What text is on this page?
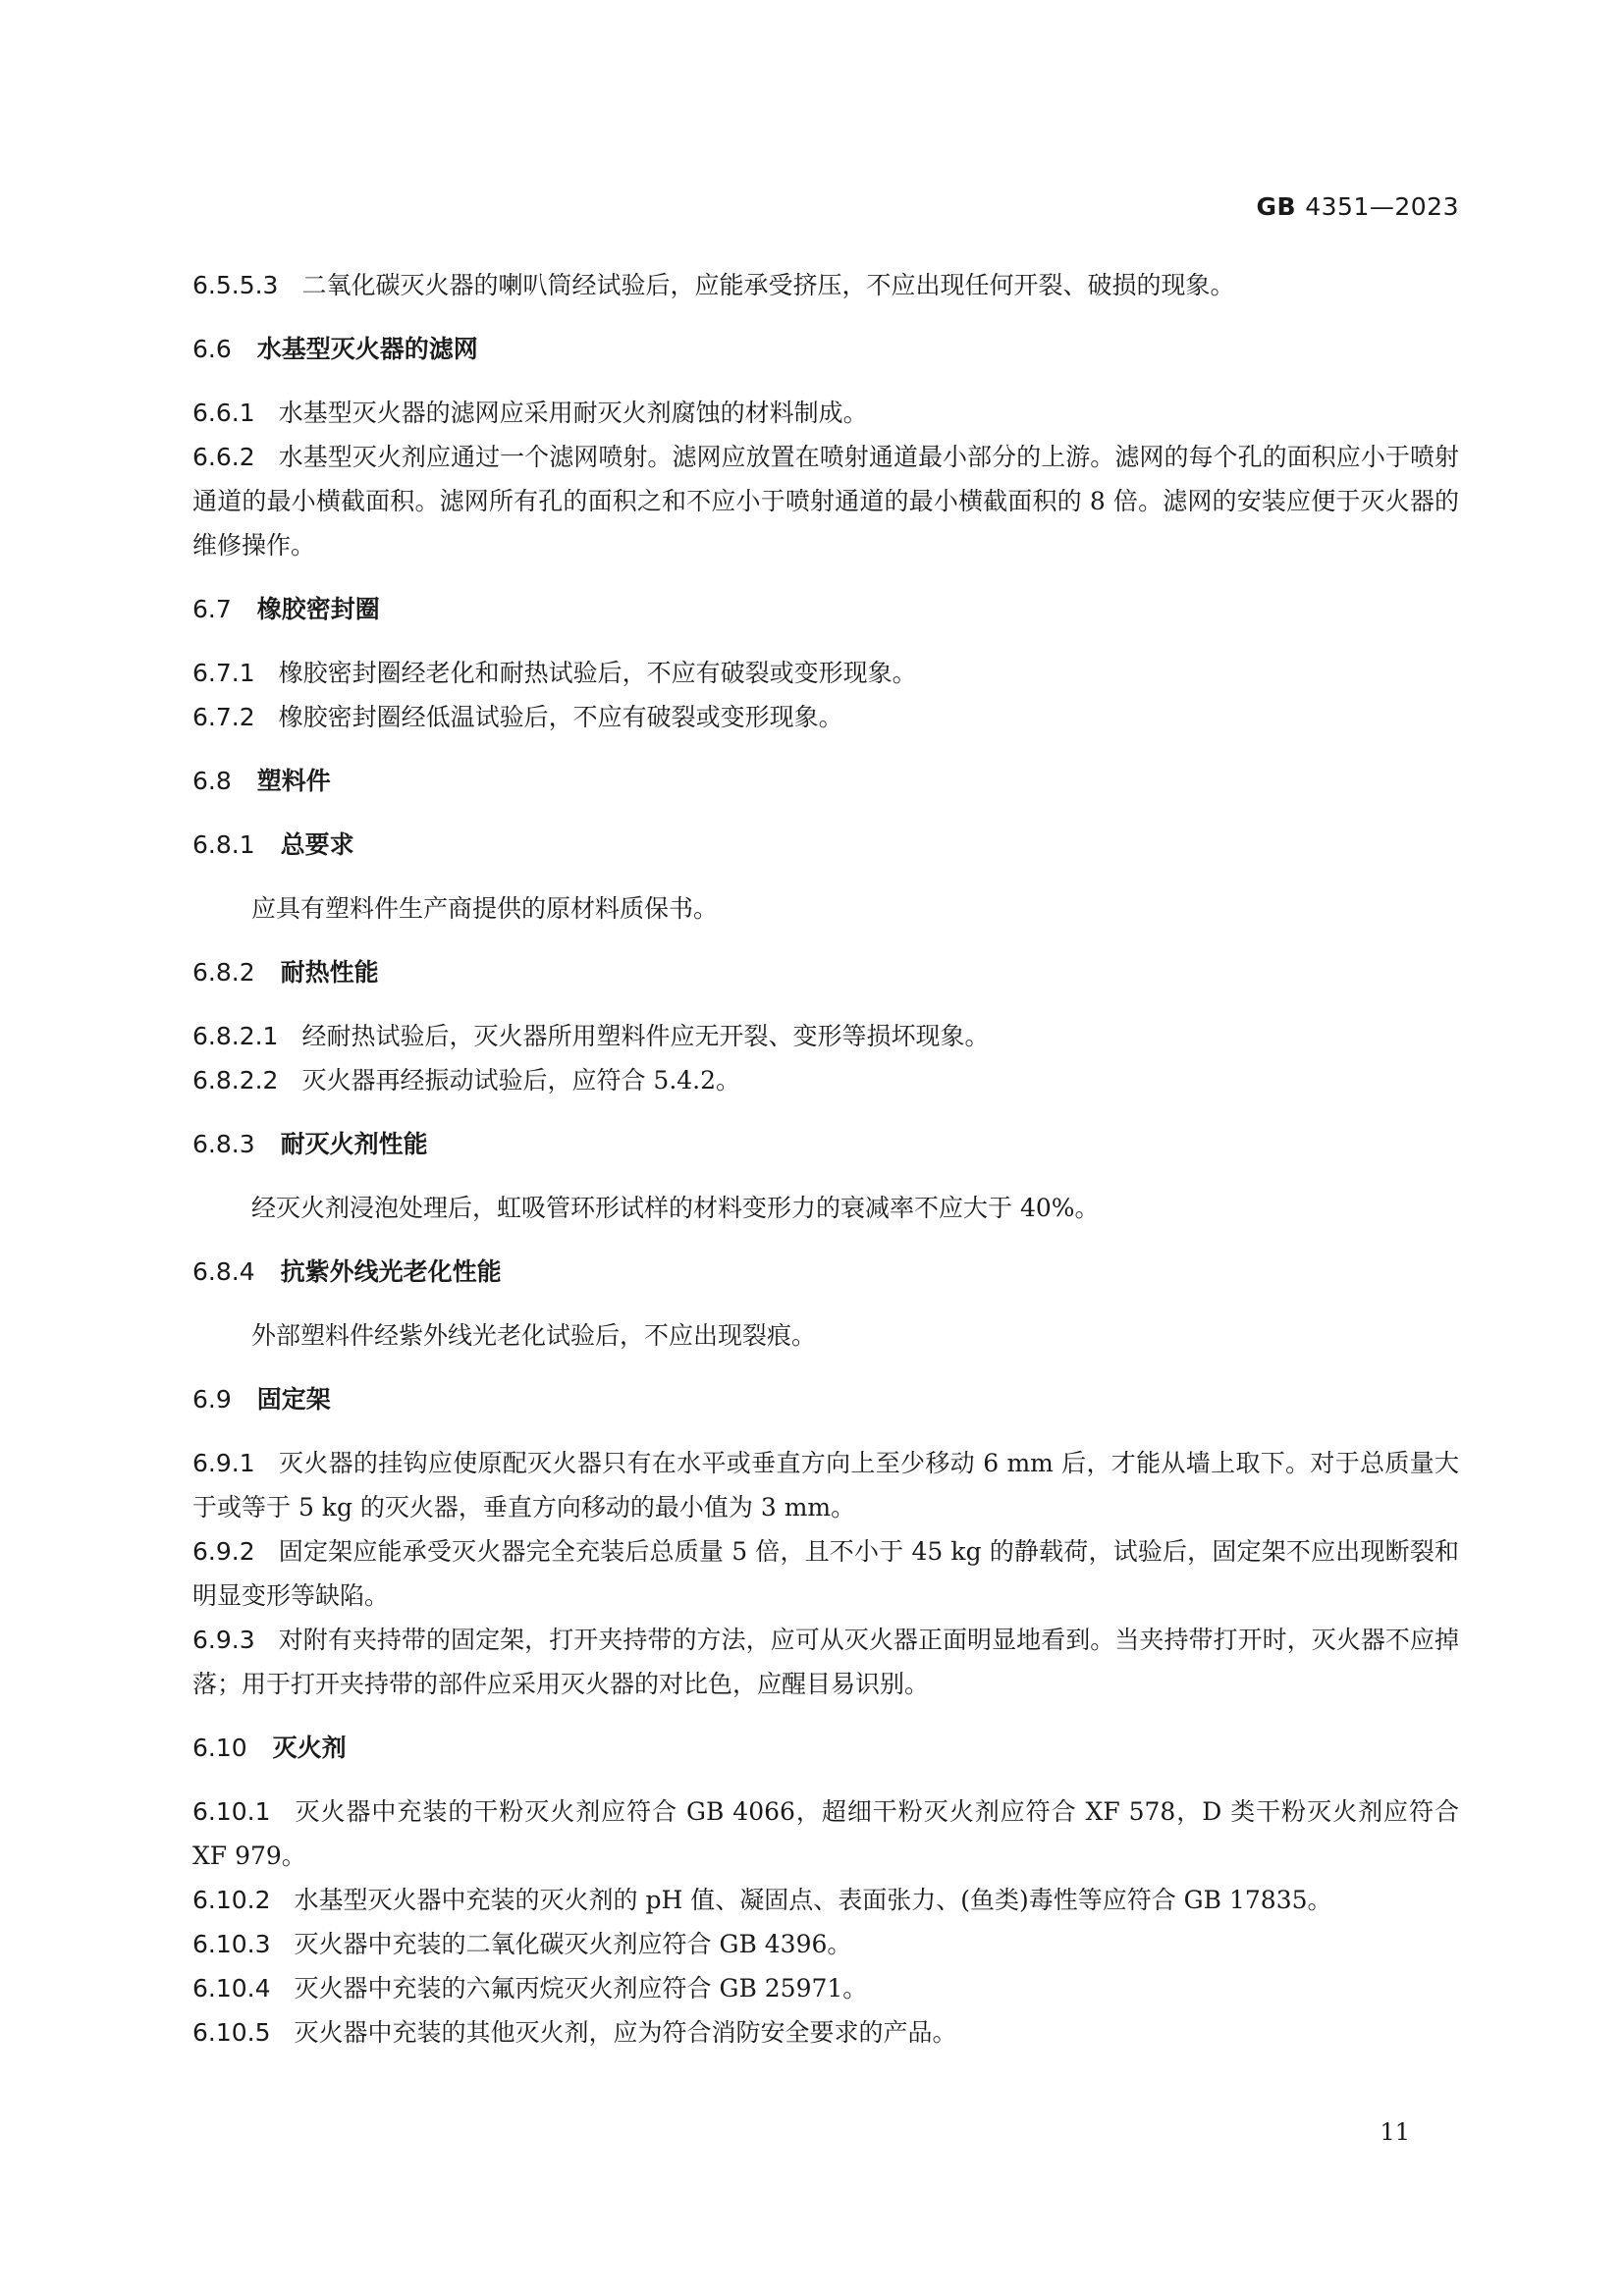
GB 4351—2023

6.5.5.3 二氧化碳灭火器的喇叭筒经试验后，应能承受挤压，不应出现任何开裂、破损的现象。

6.6 水基型灭火器的滤网

6.6.1 水基型灭火器的滤网应采用耐灭火剂腐蚀的材料制成。

6.6.2 水基型灭火剂应通过一个滤网喷射。滤网应放置在喷射通道最小部分的上游。滤网的每个孔的面积应小于喷射通道的最小横截面积。滤网所有孔的面积之和不应小于喷射通道的最小横截面积的 8 倍。滤网的安装应便于灭火器的维修操作。

6.7 橡胶密封圈

6.7.1 橡胶密封圈经老化和耐热试验后，不应有破裂或变形现象。

6.7.2 橡胶密封圈经低温试验后，不应有破裂或变形现象。

6.8 塑料件
6.8.1 总要求

应具有塑料件生产商提供的原材料质保书。

6.8.2 耐热性能

6.8.2.1 经耐热试验后，灭火器所用塑料件应无开裂、变形等损坏现象。

6.8.2.2 灭火器再经振动试验后，应符合 5.4.2。

6.8.3 耐灭火剂性能

经灭火剂浸泡处理后，虹吸管环形试样的材料变形力的衰减率不应大于 40%。

6.8.4 抗紫外线光老化性能

外部塑料件经紫外线光老化试验后，不应出现裂痕。

6.9 固定架

6.9.1 灭火器的挂钩应使原配灭火器只有在水平或垂直方向上至少移动 6 mm 后，才能从墙上取下。对于总质量大于或等于 5 kg 的灭火器，垂直方向移动的最小值为 3 mm。

6.9.2 固定架应能承受灭火器完全充装后总质量 5 倍，且不小于 45 kg 的静载荷，试验后，固定架不应出现断裂和明显变形等缺陷。

6.9.3 对附有夹持带的固定架，打开夹持带的方法，应可从灭火器正面明显地看到。当夹持带打开时，灭火器不应掉落；用于打开夹持带的部件应采用灭火器的对比色，应醒目易识别。

6.10 灭火剂

6.10.1 灭火器中充装的干粉灭火剂应符合 GB 4066，超细干粉灭火剂应符合 XF 578，D 类干粉灭火剂应符合 XF 979。

6.10.2 水基型灭火器中充装的灭火剂的 pH 值、凝固点、表面张力、(鱼类)毒性等应符合 GB 17835。

6.10.3 灭火器中充装的二氧化碳灭火剂应符合 GB 4396。

6.10.4 灭火器中充装的六氟丙烷灭火剂应符合 GB 25971。

6.10.5 灭火器中充装的其他灭火剂，应为符合消防安全要求的产品。

11
